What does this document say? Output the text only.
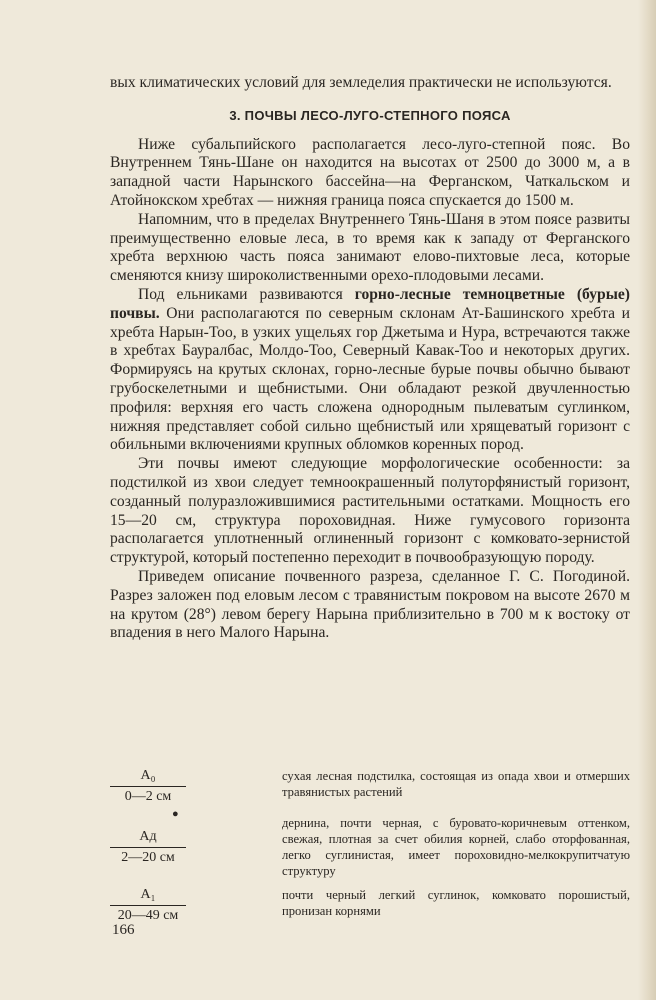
вых климатических условий для земледелия практически не используются.

3. ПОЧВЫ ЛЕСО-ЛУГО-СТЕПНОГО ПОЯСА

Ниже субальпийского располагается лесо-луго-степной пояс. Во Внутреннем Тянь-Шане он находится на высотах от 2500 до 3000 м, а в западной части Нарынского бассейна—на Ферганском, Чаткальском и Атойнокском хребтах — нижняя граница пояса спускается до 1500 м.

Напомним, что в пределах Внутреннего Тянь-Шаня в этом поясе развиты преимущественно еловые леса, в то время как к западу от Ферганского хребта верхнюю часть пояса занимают елово-пихтовые леса, которые сменяются книзу широколиственными орехо-плодовыми лесами.

Под ельниками развиваются горно-лесные темноцветные (бурые) почвы. Они располагаются по северным склонам Ат-Башинского хребта и хребта Нарын-Тоо, в узких ущельях гор Джетыма и Нура, встречаются также в хребтах Бауралбас, Молдо-Тоо, Северный Кавак-Тоо и некоторых других. Формируясь на крутых склонах, горно-лесные бурые почвы обычно бывают грубоскелетными и щебнистыми. Они обладают резкой двучленностью профиля: верхняя его часть сложена однородным пылеватым суглинком, нижняя представляет собой сильно щебнистый или хрящеватый горизонт с обильными включениями крупных обломков коренных пород.

Эти почвы имеют следующие морфологические особенности: за подстилкой из хвои следует темноокрашенный полуторфянистый горизонт, созданный полуразложившимися растительными остатками. Мощность его 15—20 см, структура пороховидная. Ниже гумусового горизонта располагается уплотненный оглиненный горизонт с комковато-зернистой структурой, который постепенно переходит в почвообразующую породу.

Приведем описание почвенного разреза, сделанное Г. С. Погодиной. Разрез заложен под еловым лесом с травянистым покровом на высоте 2670 м на крутом (28°) левом берегу Нарына приблизительно в 700 м к востоку от впадения в него Малого Нарына.

A₀
0—2 см
сухая лесная подстилка, состоящая из опада хвои и отмерших травянистых растений
Ад
2—20 см
дернина, почти черная, с буровато-коричневым оттенком, свежая, плотная за счет обилия корней, слабо оторфованная, легко суглинистая, имеет пороховидно-мелкокрупитчатую структуру
A₁
20—49 см
почти черный легкий суглинок, комковато порошистый, пронизан корнями
●
166
